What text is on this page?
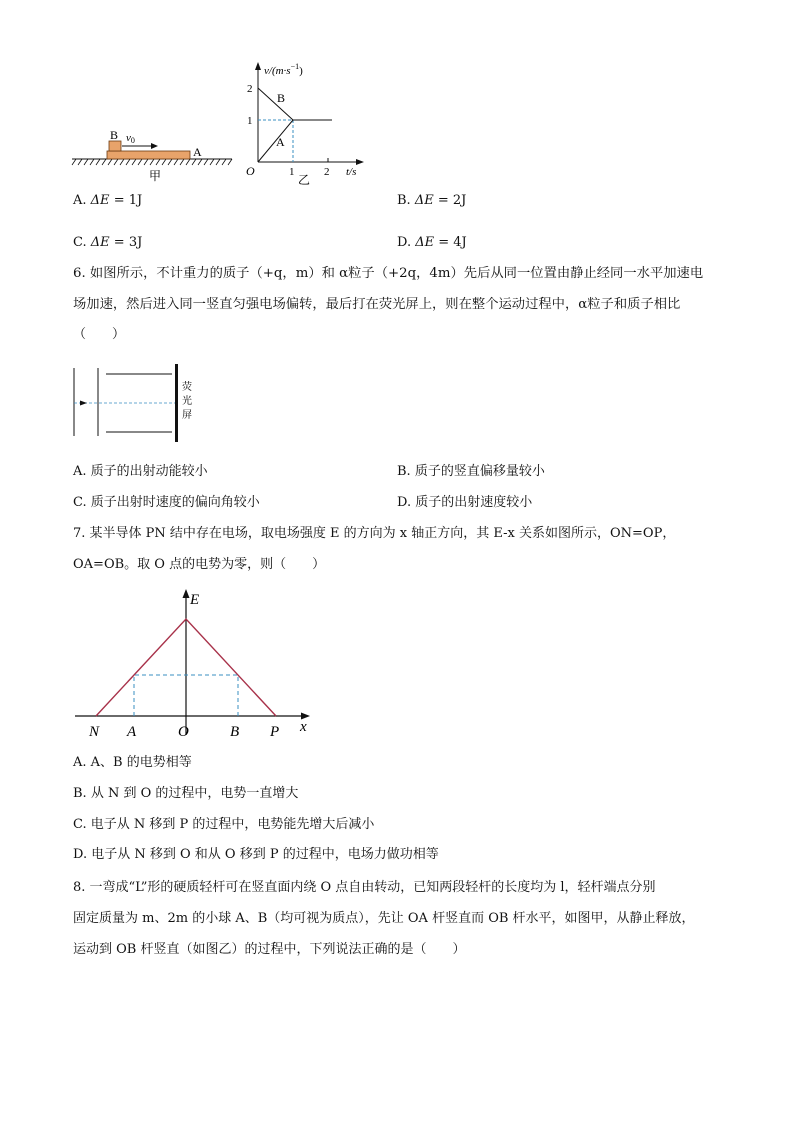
B
A
v0
甲
$v/(m\cdot s^{-1})$
2
1
O	1	2 t/s
B
A
乙
A. ΔE = 1J	B. ΔE = 2J
C. ΔE = 3J	D. ΔE = 4J
6. 如图所示，不计重力的质子（+q，m）和 α粒子（+2q，4m）先后从同一位置由静止经同一水平加速电
场加速，然后进入同一竖直匀强电场偏转，最后打在荧光屏上，则在整个运动过程中，α粒子和质子相比
（　　）
荧
光
屏
A. 质子的出射动能较小	B. 质子的竖直偏移量较小
C. 质子出射时速度的偏向角较小	D. 质子的出射速度较小
7. 某半导体 PN 结中存在电场，取电场强度 E 的方向为 x 轴正方向，其 E-x 关系如图所示，ON=OP，
OA=OB。取 O 点的电势为零，则（　　）
E
x
N A	O	B P
A. A、B 的电势相等
B. 从 N 到 O 的过程中，电势一直增大
C. 电子从 N 移到 P 的过程中，电势能先增大后减小
D. 电子从 N 移到 O 和从 O 移到 P 的过程中，电场力做功相等
8. 一弯成“L”形的硬质轻杆可在竖直面内绕 O 点自由转动，已知两段轻杆的长度均为 l，轻杆端点分别
固定质量为 m、2m 的小球 A、B（均可视为质点），先让 OA 杆竖直而 OB 杆水平，如图甲，从静止释放，
运动到 OB 杆竖直（如图乙）的过程中，下列说法正确的是（　　）
